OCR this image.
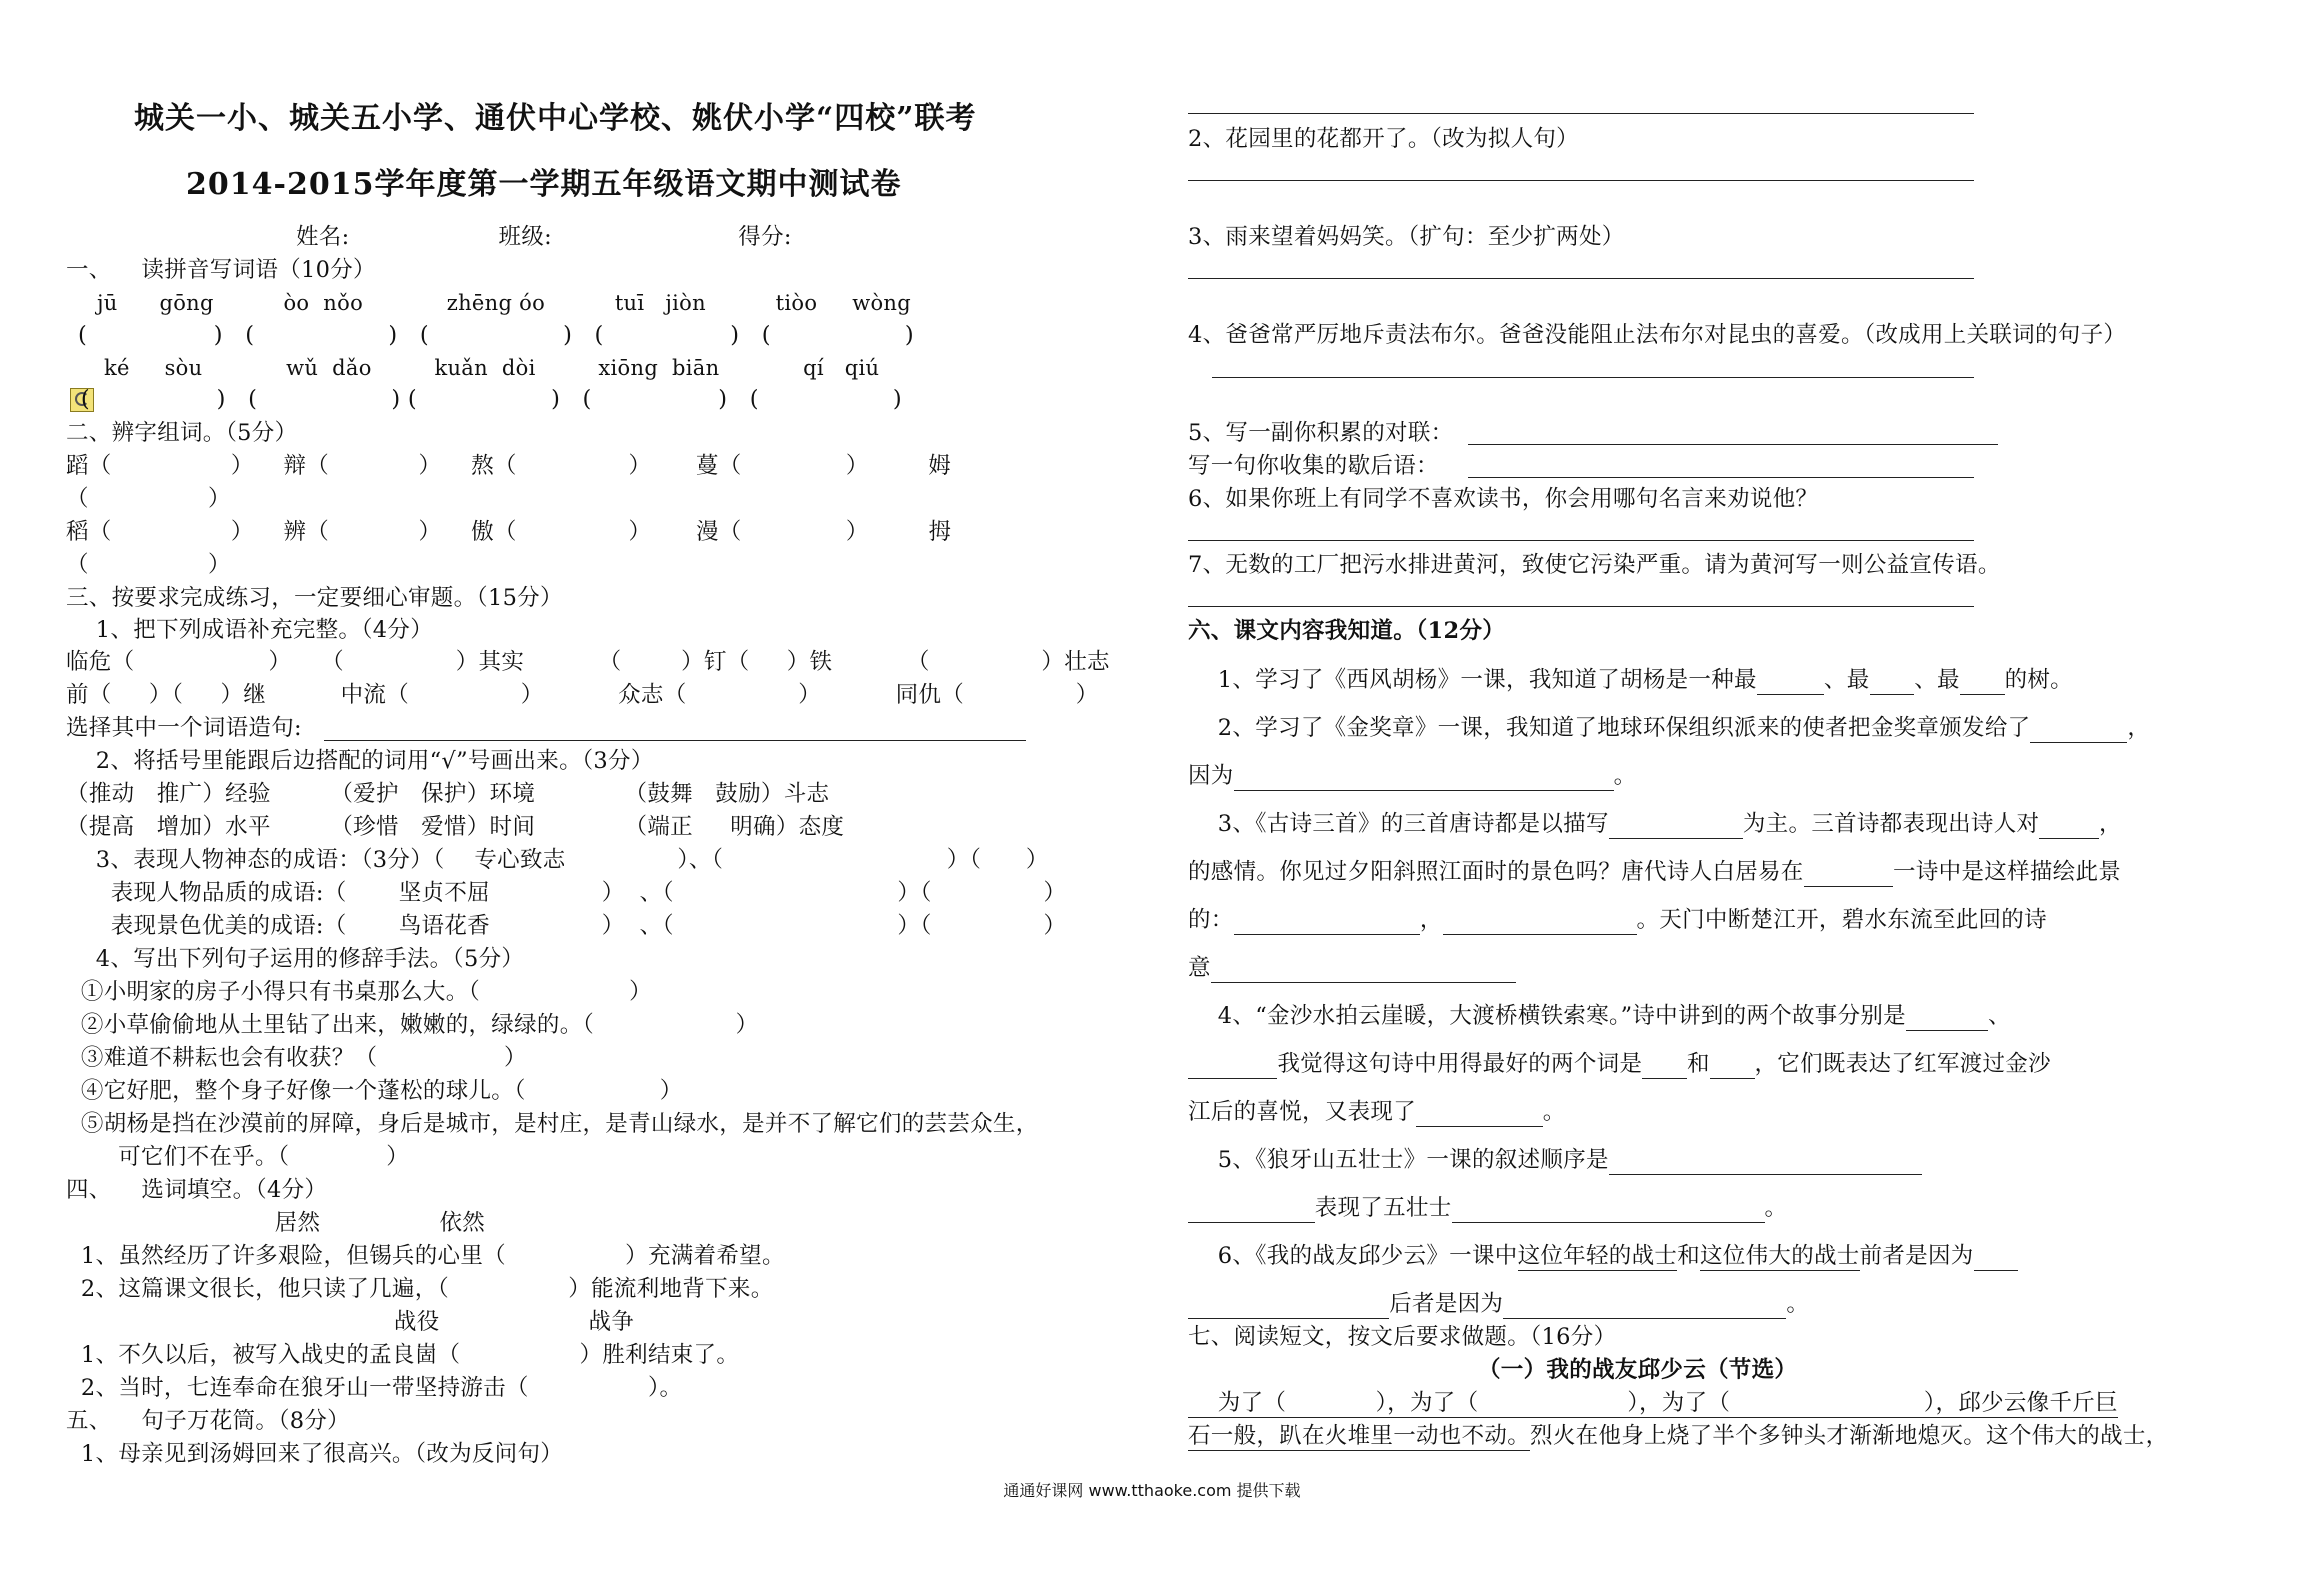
城关一小、城关五小学、通伏中心学校、姚伏小学“四校”联考
2014-2015学年度第一学期五年级语文期中测试卷
姓名:                    班级:                         得分:
一、    读拼音写词语（10分）
jū      gōng          òo  nǒo            zhēng óo          tuī   jiòn          tiòo     wòng
(                 )   (                  )   (                  )   (                 )   (                  )
ké     sòu            wǔ  dǎo         kuǎn  dòi         xiōng  biān            qí   qiú
(                 )   (                  ) (                  )   (                 )   (                  )
二、辨字组词。（5分）
蹈（                ）    辩（            ）    熬（               ）      蔓（              ）        姆
（                ）
稻（                ）    辨（            ）    傲（               ）      漫（              ）        拇
（                ）
三、按要求完成练习，一定要细心审题。（15分）
1、把下列成语补充完整。（4分）
临危（                  ）    （               ）其实          （        ）钉（     ）铁          （               ）壮志
前（     ）（     ）继          中流（               ）          众志（               ）          同仇（               ）
选择其中一个词语造句:
2、将括号里能跟后边搭配的词用“√”号画出来。（3分）
（推动   推广）经验        （爱护   保护）环境            （鼓舞   鼓励）斗志
（提高   增加）水平        （珍惜   爱惜）时间            （端正     明确）态度
3、表现人物神态的成语：（3分）（    专心致志               ）、（                              ）（      ）
表现人物品质的成语:（       坚贞不屈               ）  、（                              ）（               ）
表现景色优美的成语:（       鸟语花香               ）  、（                              ）（               ）
4、写出下列句子运用的修辞手法。（5分）
①小明家的房子小得只有书桌那么大。（                    ）
②小草偷偷地从土里钻了出来，嫩嫩的，绿绿的。（                   ）
③难道不耕耘也会有收获？（                 ）
④它好肥，整个身子好像一个蓬松的球儿。（                  ）
⑤胡杨是挡在沙漠前的屏障，身后是城市，是村庄，是青山绿水，是并不了解它们的芸芸众生，
可它们不在乎。（             ）
四、    选词填空。（4分）
居然                依然
1、虽然经历了许多艰险，但锡兵的心里（                ）充满着希望。
2、这篇课文很长，他只读了几遍，（                ）能流利地背下来。
战役                    战争
1、不久以后，被写入战史的孟良崮（                ）胜利结束了。
2、当时，七连奉命在狼牙山一带坚持游击（                ）。
五、    句子万花筒。（8分）
1、母亲见到汤姆回来了很高兴。（改为反问句）
2、花园里的花都开了。（改为拟人句）
3、雨来望着妈妈笑。（扩句：至少扩两处）
4、爸爸常严厉地斥责法布尔。爸爸没能阻止法布尔对昆虫的喜爱。（改成用上关联词的句子）
5、写一副你积累的对联：
写一句你收集的歇后语：
6、如果你班上有同学不喜欢读书，你会用哪句名言来劝说他？
7、无数的工厂把污水排进黄河，致使它污染严重。请为黄河写一则公益宣传语。
六、课文内容我知道。（12分）
1、学习了《西风胡杨》一课，我知道了胡杨是一种最	、最 、最 的树。
2、学习了《金奖章》一课，我知道了地球环保组织派来的使者把金奖章颁发给了	，
因为	。
3、《古诗三首》的三首唐诗都是以描写	为主。三首诗都表现出诗人对	，
的感情。你见过夕阳斜照江面时的景色吗？唐代诗人白居易在	一诗中是这样描绘此景
的：	，	。天门中断楚江开，碧水东流至此回的诗
意
4、“金沙水拍云崖暖，大渡桥横铁索寒。”诗中讲到的两个故事分别是	、
我觉得这句诗中用得最好的两个词是 和 ，它们既表达了红军渡过金沙
江后的喜悦，又表现了	。
5、《狼牙山五壮士》一课的叙述顺序是
表现了五壮士	。
6、《我的战友邱少云》一课中这位年轻的战士和这位伟大的战士前者是因为
后者是因为	。
七、阅读短文，按文后要求做题。（16分）
（一）我的战友邱少云（节选）
为了（            ），为了（                    ），为了（                          ），邱少云像千斤巨
石一般，趴在火堆里一动也不动。烈火在他身上烧了半个多钟头才渐渐地熄灭。这个伟大的战士，
通通好课网 www.tthaoke.com 提供下载
